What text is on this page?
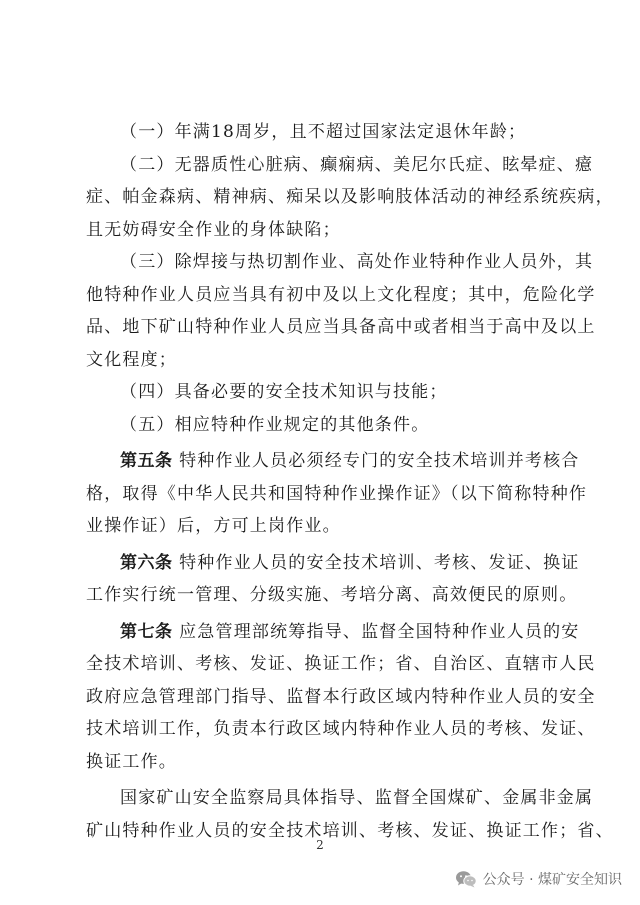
（一）年满18周岁，且不超过国家法定退休年龄；
（二）无器质性心脏病、癫痫病、美尼尔氏症、眩晕症、癔
症、帕金森病、精神病、痴呆以及影响肢体活动的神经系统疾病，
且无妨碍安全作业的身体缺陷；
（三）除焊接与热切割作业、高处作业特种作业人员外，其
他特种作业人员应当具有初中及以上文化程度；其中，危险化学
品、地下矿山特种作业人员应当具备高中或者相当于高中及以上
文化程度；
（四）具备必要的安全技术知识与技能；
（五）相应特种作业规定的其他条件。
第五条 特种作业人员必须经专门的安全技术培训并考核合
格，取得《中华人民共和国特种作业操作证》（以下简称特种作
业操作证）后，方可上岗作业。
第六条 特种作业人员的安全技术培训、考核、发证、换证
工作实行统一管理、分级实施、考培分离、高效便民的原则。
第七条 应急管理部统筹指导、监督全国特种作业人员的安
全技术培训、考核、发证、换证工作；省、自治区、直辖市人民
政府应急管理部门指导、监督本行政区域内特种作业人员的安全
技术培训工作，负责本行政区域内特种作业人员的考核、发证、
换证工作。
国家矿山安全监察局具体指导、监督全国煤矿、金属非金属
矿山特种作业人员的安全技术培训、考核、发证、换证工作；省、
2
公众号 · 煤矿安全知识
